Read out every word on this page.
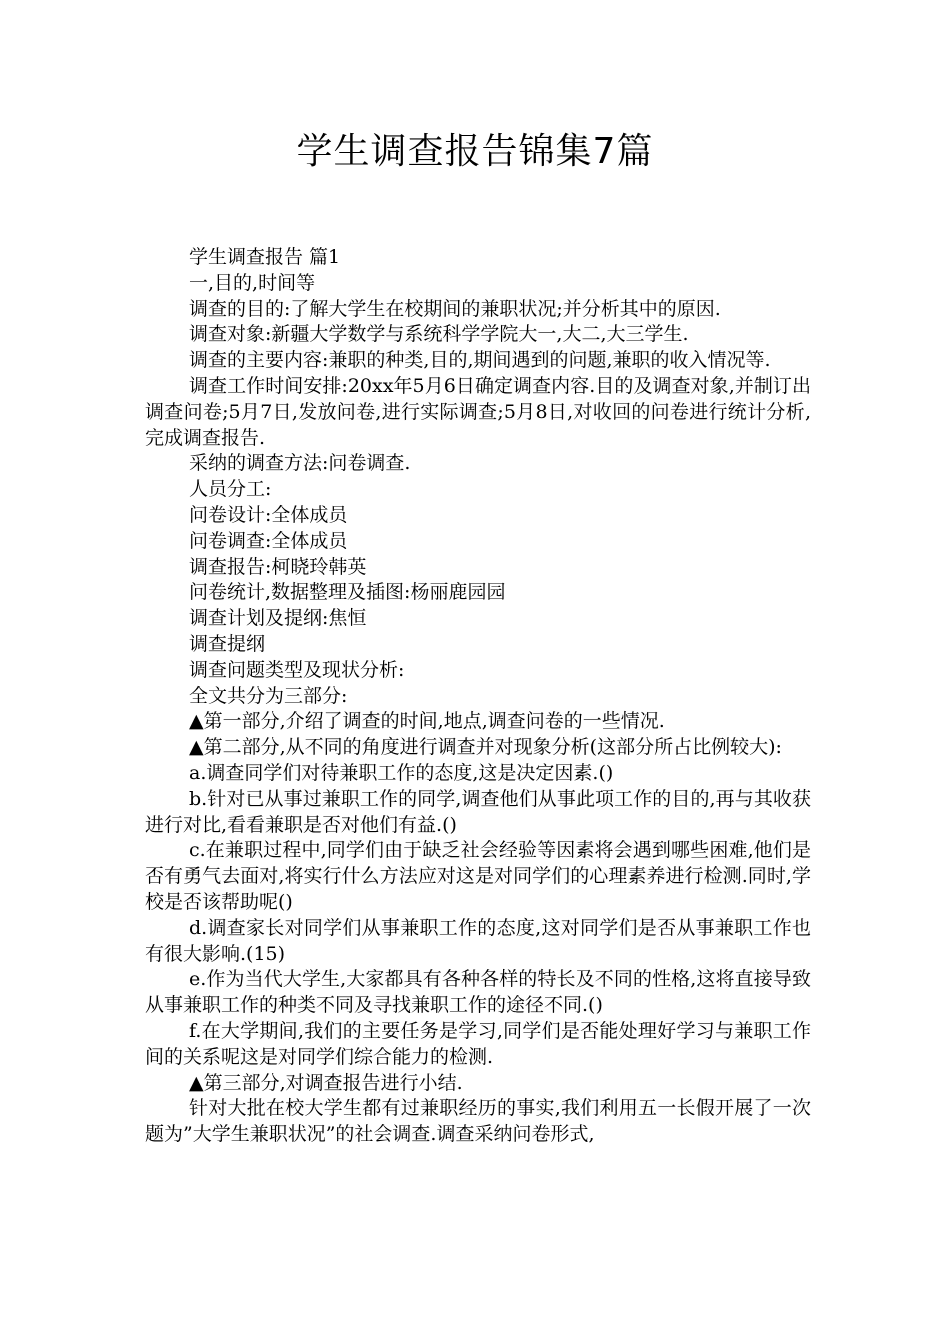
学生调查报告锦集7篇

学生调查报告 篇1

一,目的,时间等

调查的目的:了解大学生在校期间的兼职状况;并分析其中的原因.

调查对象:新疆大学数学与系统科学学院大一,大二,大三学生.

调查的主要内容:兼职的种类,目的,期间遇到的问题,兼职的收入情况等.

调查工作时间安排:20xx年5月6日确定调查内容.目的及调查对象,并制订出调查问卷;5月7日,发放问卷,进行实际调查;5月8日,对收回的问卷进行统计分析,完成调查报告.

采纳的调查方法:问卷调查.

人员分工:

问卷设计:全体成员

问卷调查:全体成员

调查报告:柯晓玲韩英

问卷统计,数据整理及插图:杨丽鹿园园

调查计划及提纲:焦恒

调查提纲

调查问题类型及现状分析:

全文共分为三部分:

▲第一部分,介绍了调查的时间,地点,调查问卷的一些情况.

▲第二部分,从不同的角度进行调查并对现象分析(这部分所占比例较大):

a.调查同学们对待兼职工作的态度,这是决定因素.()

b.针对已从事过兼职工作的同学,调查他们从事此项工作的目的,再与其收获进行对比,看看兼职是否对他们有益.()

c.在兼职过程中,同学们由于缺乏社会经验等因素将会遇到哪些困难,他们是否有勇气去面对,将实行什么方法应对这是对同学们的心理素养进行检测.同时,学校是否该帮助呢()

d.调查家长对同学们从事兼职工作的态度,这对同学们是否从事兼职工作也有很大影响.(15)

e.作为当代大学生,大家都具有各种各样的特长及不同的性格,这将直接导致从事兼职工作的种类不同及寻找兼职工作的途径不同.()

f.在大学期间,我们的主要任务是学习,同学们是否能处理好学习与兼职工作间的关系呢这是对同学们综合能力的检测.

▲第三部分,对调查报告进行小结.

针对大批在校大学生都有过兼职经历的事实,我们利用五一长假开展了一次题为”大学生兼职状况”的社会调查.调查采纳问卷形式,
